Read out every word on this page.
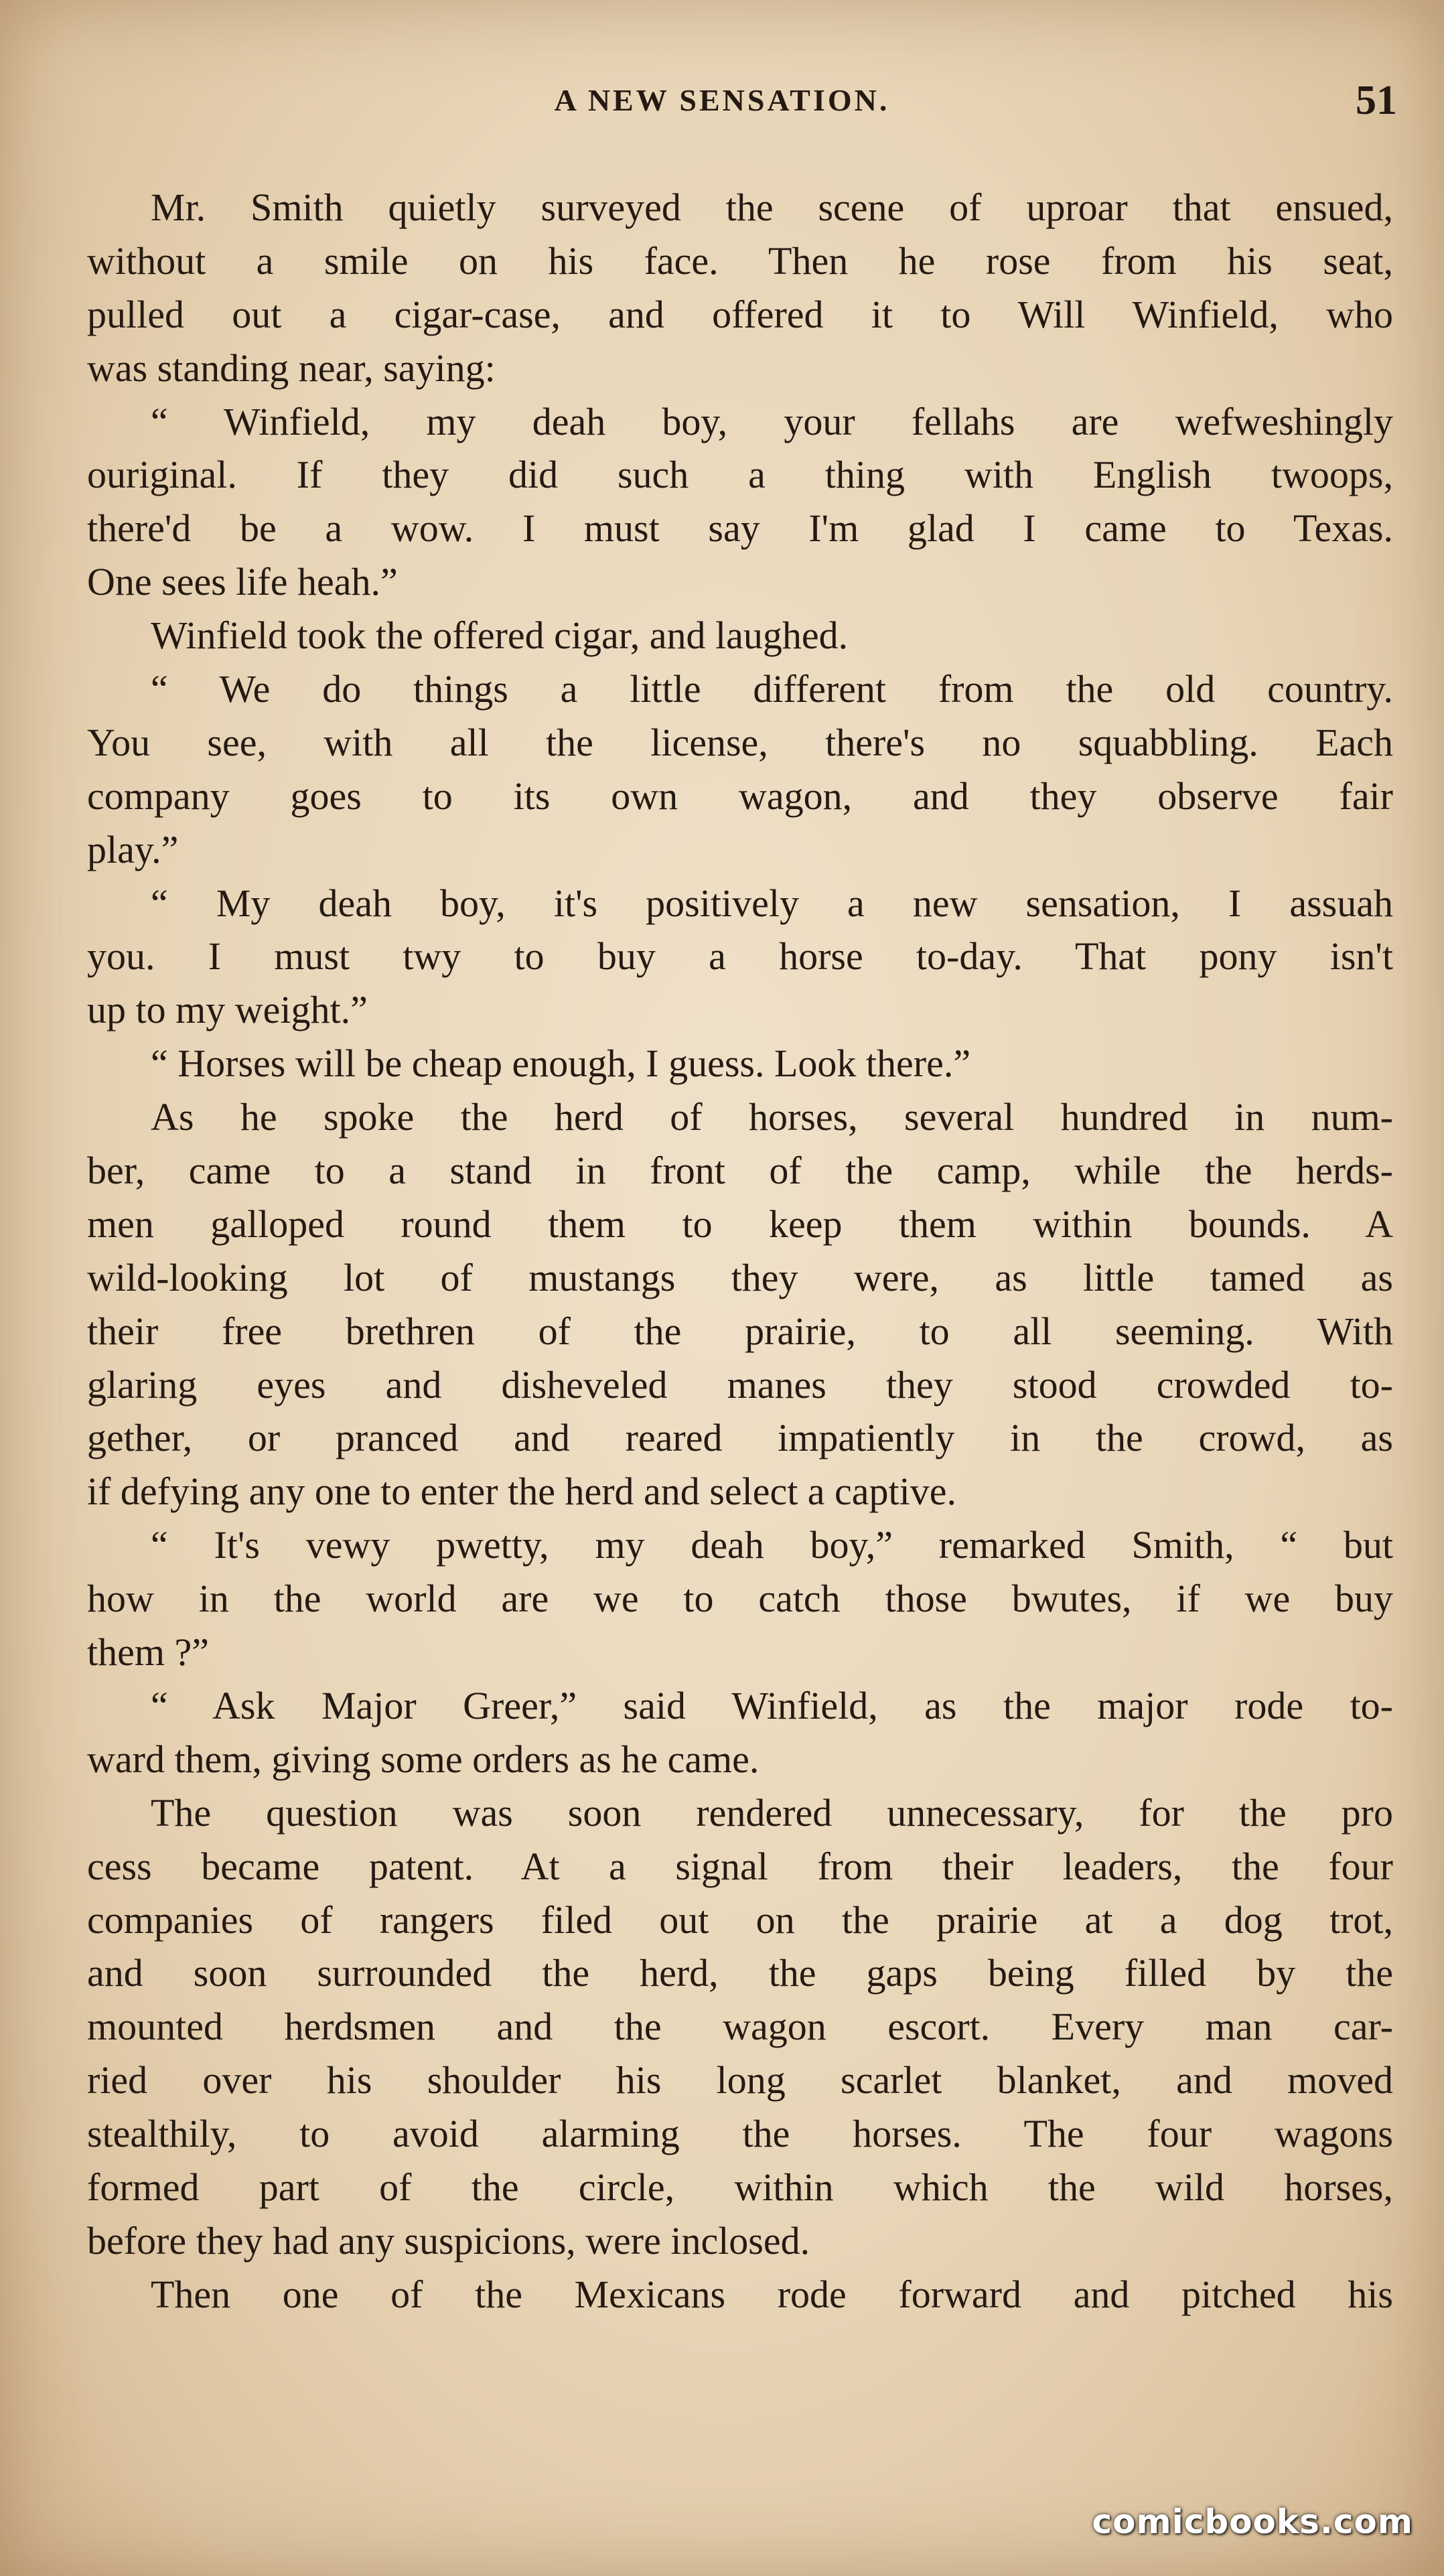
A NEW SENSATION.	51
Mr. Smith quietly surveyed the scene of uproar that ensued,
without a smile on his face. Then he rose from his seat,
pulled out a cigar-case, and offered it to Will Winfield, who
was standing near, saying:
“ Winfield, my deah boy, your fellahs are wefweshingly
ouriginal. If they did such a thing with English twoops,
there'd be a wow. I must say I'm glad I came to Texas.
One sees life heah.”
Winfield took the offered cigar, and laughed.
“ We do things a little different from the old country.
You see, with all the license, there's no squabbling. Each
company goes to its own wagon, and they observe fair
play.”
“ My deah boy, it's positively a new sensation, I assuah
you. I must twy to buy a horse to-day. That pony isn't
up to my weight.”
“ Horses will be cheap enough, I guess. Look there.”
As he spoke the herd of horses, several hundred in num-
ber, came to a stand in front of the camp, while the herds-
men galloped round them to keep them within bounds. A
wild-looking lot of mustangs they were, as little tamed as
their free brethren of the prairie, to all seeming. With
glaring eyes and disheveled manes they stood crowded to-
gether, or pranced and reared impatiently in the crowd, as
if defying any one to enter the herd and select a captive.
“ It's vewy pwetty, my deah boy,” remarked Smith, “ but
how in the world are we to catch those bwutes, if we buy
them ?”
“ Ask Major Greer,” said Winfield, as the major rode to-
ward them, giving some orders as he came.
The question was soon rendered unnecessary, for the pro
cess became patent. At a signal from their leaders, the four
companies of rangers filed out on the prairie at a dog trot,
and soon surrounded the herd, the gaps being filled by the
mounted herdsmen and the wagon escort. Every man car-
ried over his shoulder his long scarlet blanket, and moved
stealthily, to avoid alarming the horses. The four wagons
formed part of the circle, within which the wild horses,
before they had any suspicions, were inclosed.
Then one of the Mexicans rode forward and pitched his
comicbooks.com
